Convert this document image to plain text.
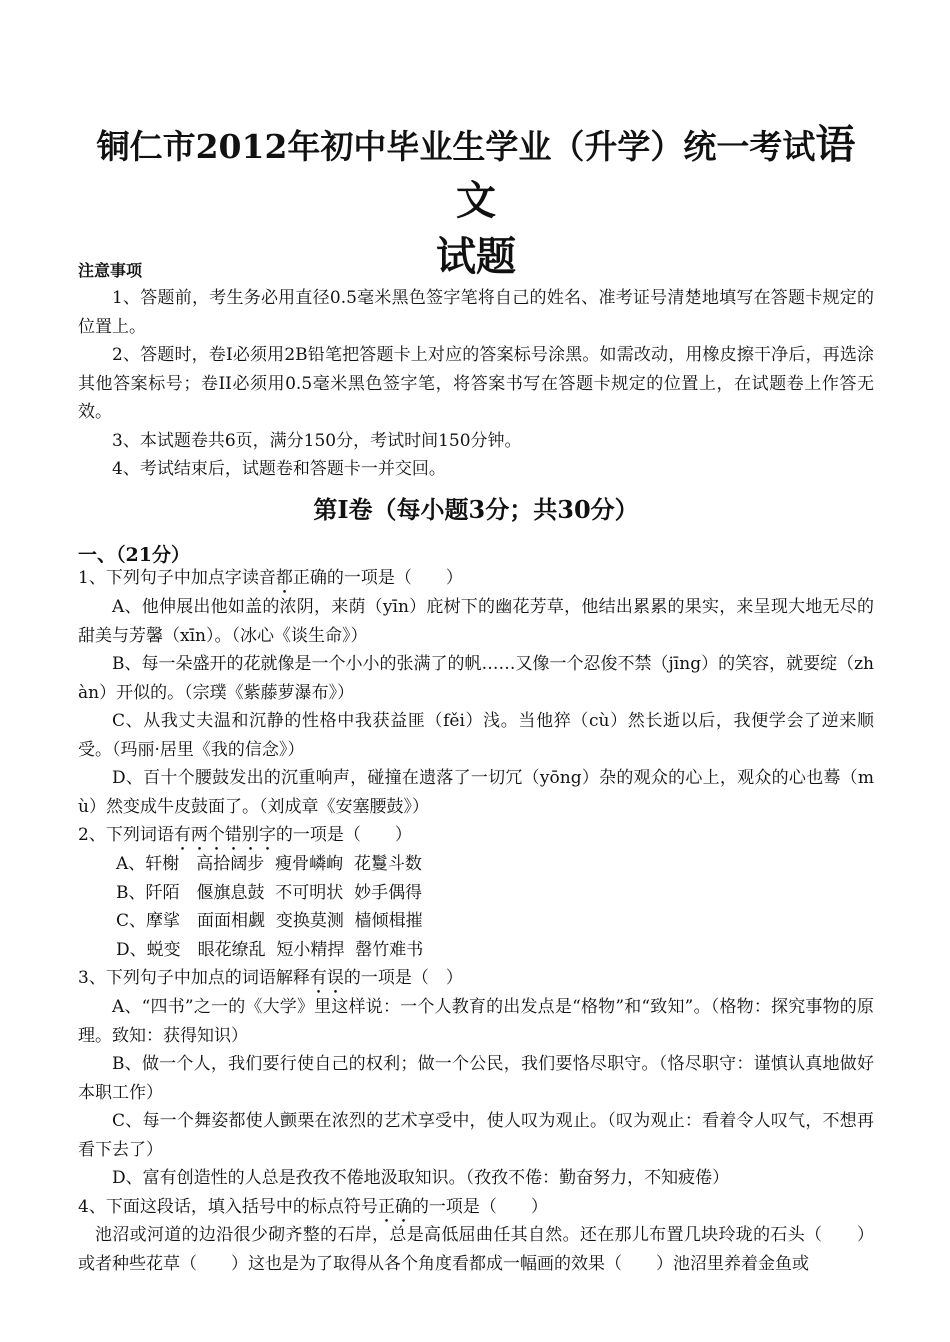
铜仁市2012年初中毕业生学业（升学）统一考试语文
试题
注意事项
1、答题前，考生务必用直径0.5毫米黑色签字笔将自己的姓名、准考证号清楚地填写在答题卡规定的位置上。
2、答题时，卷I必须用2B铅笔把答题卡上对应的答案标号涂黑。如需改动，用橡皮擦干净后，再选涂其他答案标号；卷II必须用0.5毫米黑色签字笔，将答案书写在答题卡规定的位置上，在试题卷上作答无效。
3、本试题卷共6页，满分150分，考试时间150分钟。
4、考试结束后，试题卷和答题卡一并交回。
第I卷（每小题3分；共30分）
一、（21分）
1、下列句子中加点字读音都正确的一项是（　　）
A、他伸展出他如盖的浓阴，来荫（yīn）庇树下的幽花芳草，他结出累累的果实，来呈现大地无尽的甜美与芳馨（xīn）。（冰心《谈生命》）
B、每一朵盛开的花就像是一个小小的张满了的帆……又像一个忍俊不禁（jīng）的笑容，就要绽（zhàn）开似的。（宗璞《紫藤萝瀑布》）
C、从我丈夫温和沉静的性格中我获益匪（fěi）浅。当他猝（cù）然长逝以后，我便学会了逆来顺受。（玛丽·居里《我的信念》）
D、百十个腰鼓发出的沉重响声，碰撞在遗落了一切冗（yōng）杂的观众的心上，观众的心也蓦（mù）然变成牛皮鼓面了。（刘成章《安塞腰鼓》）
2、下列词语有两个错别字的一项是（　　）
A、轩榭　高拾阔步  瘦骨嶙峋  花鬘斗数
B、阡陌　偃旗息鼓  不可明状  妙手偶得
C、摩挲　面面相觑  变换莫测  樯倾楫摧
D、蜕变　眼花缭乱  短小精捍  罄竹难书
3、下列句子中加点的词语解释有误的一项是（　）
A、“四书”之一的《大学》里这样说：一个人教育的出发点是“格物”和“致知”。（格物：探究事物的原理。致知：获得知识）
B、做一个人，我们要行使自己的权利；做一个公民，我们要恪尽职守。（恪尽职守：谨慎认真地做好本职工作）
C、每一个舞姿都使人颤栗在浓烈的艺术享受中，使人叹为观止。（叹为观止：看着令人叹气，不想再看下去了）
D、富有创造性的人总是孜孜不倦地汲取知识。（孜孜不倦：勤奋努力，不知疲倦）
4、下面这段话，填入括号中的标点符号正确的一项是（　　）
池沼或河道的边沿很少砌齐整的石岸，总是高低屈曲任其自然。还在那儿布置几块玲珑的石头（　　）或者种些花草（　　）这也是为了取得从各个角度看都成一幅画的效果（　　）池沼里养着金鱼或
